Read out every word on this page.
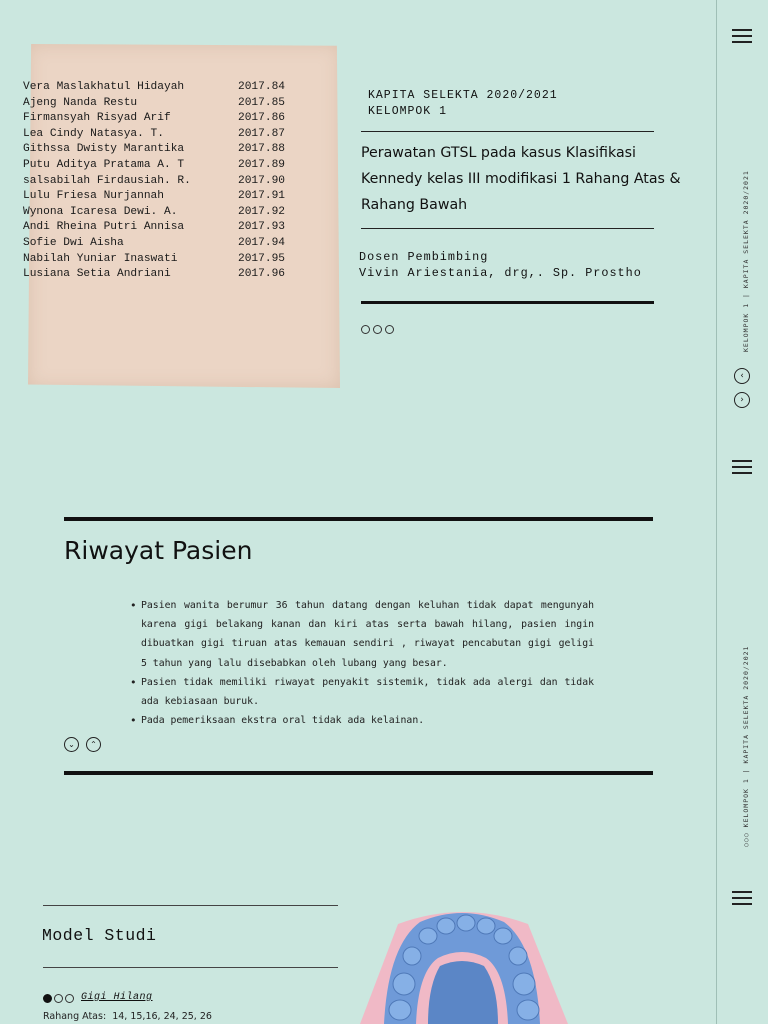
KELOMPOK 1 | KAPITA SELEKTA 2020/2021
‹
›
○○○ KELOMPOK 1 | KAPITA SELEKTA 2020/2021
Vera Maslakhatul Hidayah	2017.84
Ajeng Nanda Restu	2017.85
Firmansyah Risyad Arif	2017.86
Lea Cindy Natasya. T.	2017.87
Githssa Dwisty Marantika	2017.88
Putu Aditya Pratama A. T	2017.89
salsabilah Firdausiah. R.	2017.90
Lulu Friesa Nurjannah	2017.91
Wynona Icaresa Dewi. A.	2017.92
Andi Rheina Putri Annisa	2017.93
Sofie Dwi Aisha	2017.94
Nabilah Yuniar Inaswati	2017.95
Lusiana Setia Andriani	2017.96
KAPITA SELEKTA 2020/2021
KELOMPOK 1
Perawatan GTSL pada kasus Klasifikasi Kennedy kelas III modifikasi 1 Rahang Atas & Rahang Bawah
Dosen Pembimbing
Vivin Ariestania, drg,. Sp. Prostho
Riwayat Pasien
• Pasien wanita berumur 36 tahun datang dengan keluhan tidak dapat mengunyah karena gigi belakang kanan dan kiri atas serta bawah hilang, pasien ingin dibuatkan gigi tiruan atas kemauan sendiri , riwayat pencabutan gigi geligi 5 tahun yang lalu disebabkan oleh lubang yang besar.
• Pasien tidak memiliki riwayat penyakit sistemik, tidak ada alergi dan tidak ada kebiasaan buruk.
• Pada pemeriksaan ekstra oral tidak ada kelainan.
⌄	⌃
Model Studi
Gigi Hilang
Rahang Atas: 14, 15,16, 24, 25, 26
